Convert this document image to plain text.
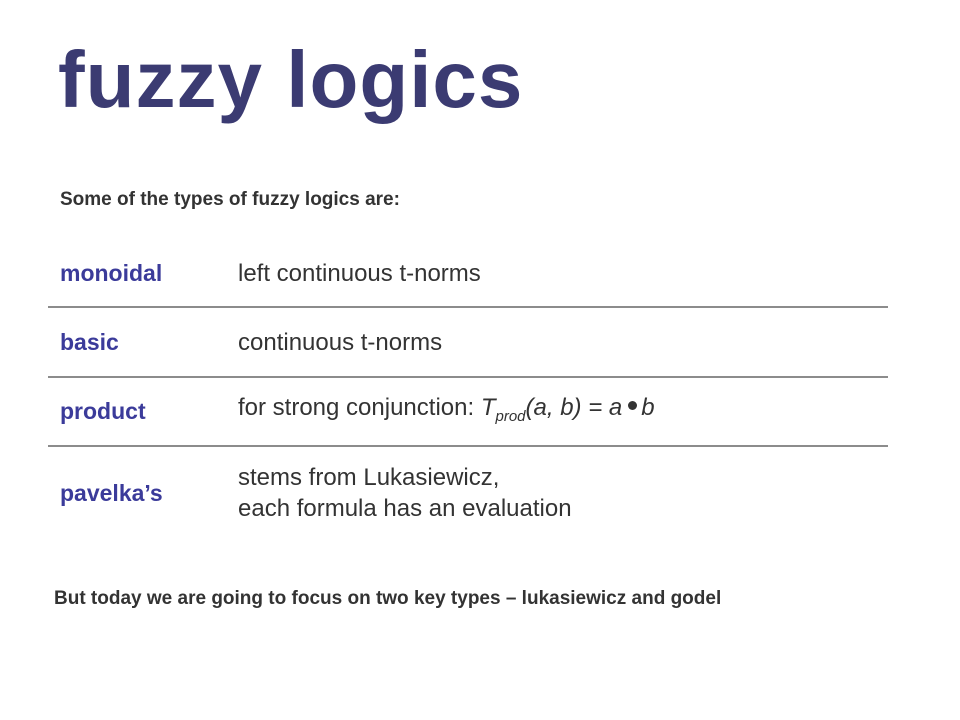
fuzzy logics

Some of the types of fuzzy logics are:

monoidal	left continuous t-norms
basic	continuous t-norms
product	for strong conjunction: $T_{prod}(a$, b) = a b
pavelka’s	stems from Lukasiewicz,
each formula has an evaluation

But today we are going to focus on two key types – lukasiewicz and godel
